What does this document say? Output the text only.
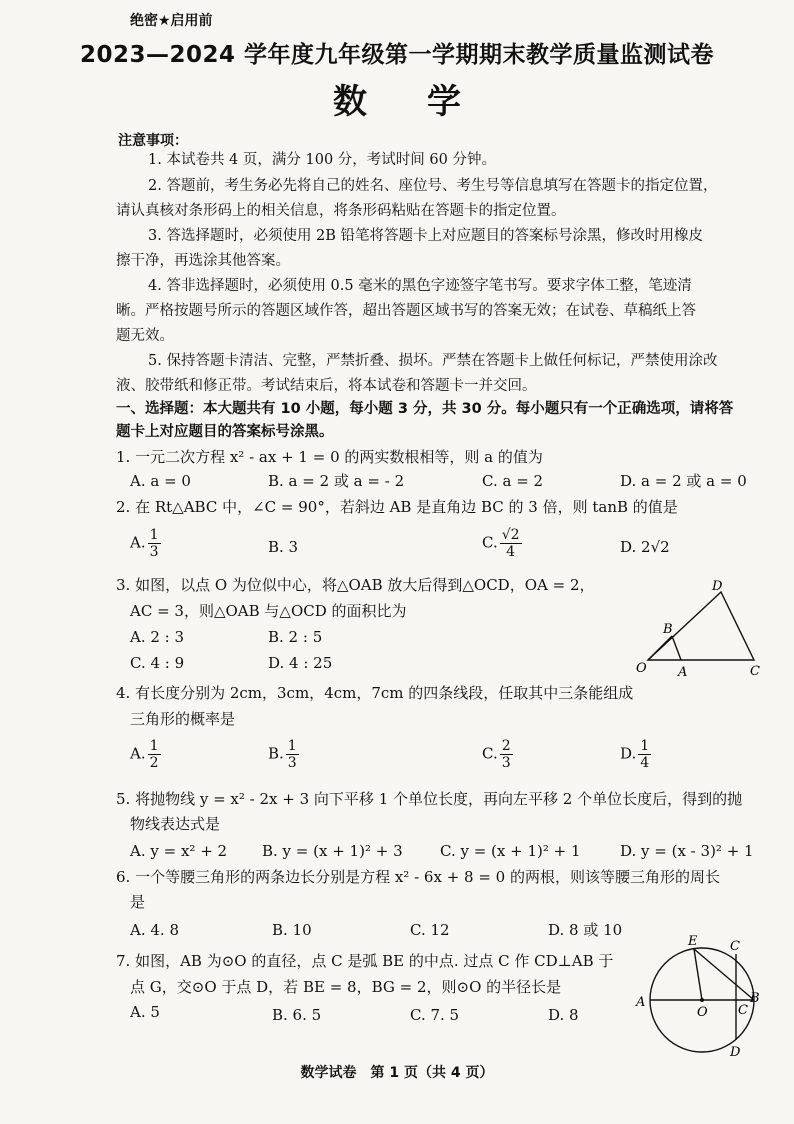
绝密★启用前
2023—2024 学年度九年级第一学期期末教学质量监测试卷
数学
注意事项：
1. 本试卷共 4 页，满分 100 分，考试时间 60 分钟。
2. 答题前，考生务必先将自己的姓名、座位号、考生号等信息填写在答题卡的指定位置，
请认真核对条形码上的相关信息，将条形码粘贴在答题卡的指定位置。
3. 答选择题时，必须使用 2B 铅笔将答题卡上对应题目的答案标号涂黑，修改时用橡皮
擦干净，再选涂其他答案。
4. 答非选择题时，必须使用 0.5 毫米的黑色字迹签字笔书写。要求字体工整，笔迹清
晰。严格按题号所示的答题区域作答，超出答题区域书写的答案无效；在试卷、草稿纸上答
题无效。
5. 保持答题卡清洁、完整，严禁折叠、损坏。严禁在答题卡上做任何标记，严禁使用涂改
液、胶带纸和修正带。考试结束后，将本试卷和答题卡一并交回。
一、选择题：本大题共有 10 小题，每小题 3 分，共 30 分。每小题只有一个正确选项，请将答
题卡上对应题目的答案标号涂黑。
1. 一元二次方程 x² - ax + 1 = 0 的两实数根相等，则 a 的值为
A. a = 0	B. a = 2 或 a = - 2	C. a = 2	D. a = 2 或 a = 0
2. 在 Rt△ABC 中，∠C = 90°，若斜边 AB 是直角边 BC 的 3 倍，则 tanB 的值是
A. $\frac{1}{3}$	B. 3	C. $\frac{√2}{4}$	D. 2√2
3. 如图，以点 O 为位似中心，将△OAB 放大后得到△OCD，OA = 2，
AC = 3，则△OAB 与△OCD 的面积比为
A. 2 : 3	B. 2 : 5
C. 4 : 9	D. 4 : 25
D
B
O A	C
4. 有长度分别为 2cm，3cm，4cm，7cm 的四条线段，任取其中三条能组成
三角形的概率是
A. $\frac{1}{2}$	B. $\frac{1}{3}$	C. $\frac{2}{3}$	D. $\frac{1}{4}$
5. 将抛物线 y = x² - 2x + 3 向下平移 1 个单位长度，再向左平移 2 个单位长度后，得到的抛
物线表达式是
A. y = x² + 2 B. y = (x + 1)² + 3 C. y = (x + 1)² + 1	D. y = (x - 3)² + 1
6. 一个等腰三角形的两条边长分别是方程 x² - 6x + 8 = 0 的两根，则该等腰三角形的周长
是
A. 4. 8	B. 10	C. 12	D. 8 或 10
7. 如图，AB 为⊙O 的直径，点 C 是弧 BE 的中点. 过点 C 作 CD⊥AB 于
点 G，交⊙O 于点 D，若 BE = 8，BG = 2，则⊙O 的半径长是
A. 5	B. 6. 5	C. 7. 5	D. 8
E	C
A
O C
B
D
数学试卷　第 1 页（共 4 页）
